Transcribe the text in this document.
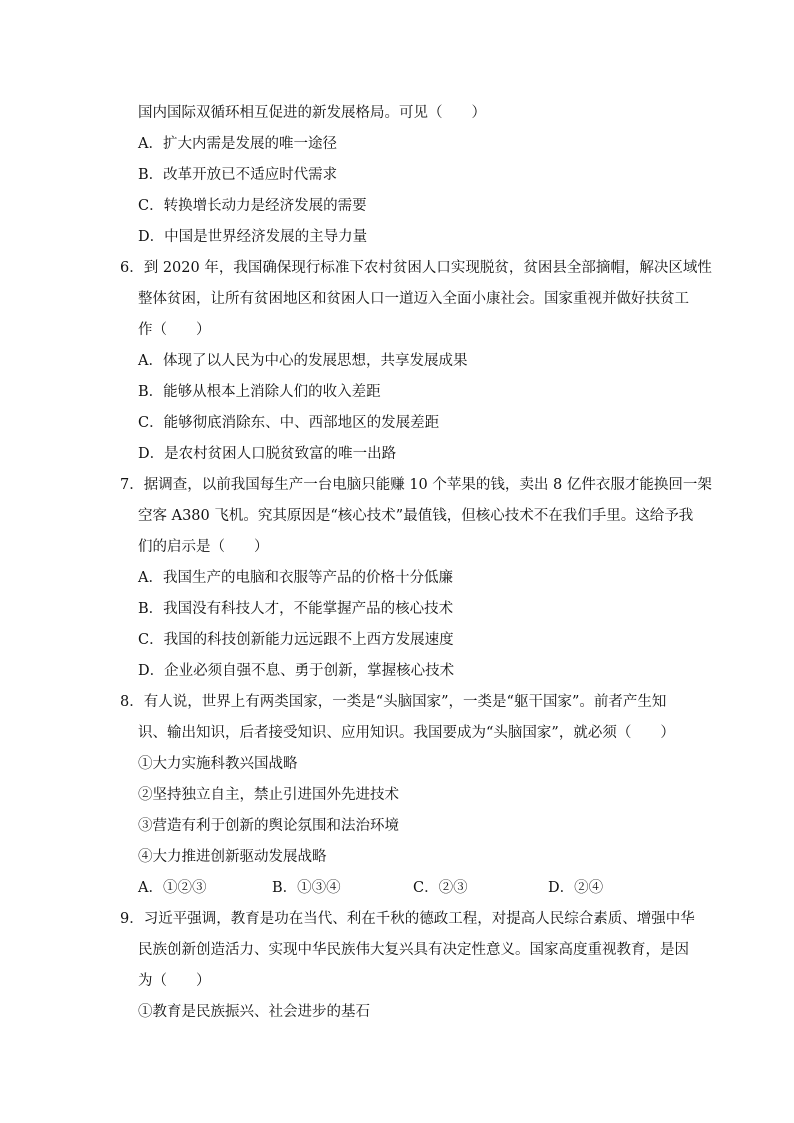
国内国际双循环相互促进的新发展格局。可见（　　）
A．扩大内需是发展的唯一途径
B．改革开放已不适应时代需求
C．转换增长动力是经济发展的需要
D．中国是世界经济发展的主导力量
6．到 2020 年，我国确保现行标准下农村贫困人口实现脱贫，贫困县全部摘帽，解决区域性
整体贫困，让所有贫困地区和贫困人口一道迈入全面小康社会。国家重视并做好扶贫工
作（　　）
A．体现了以人民为中心的发展思想，共享发展成果
B．能够从根本上消除人们的收入差距
C．能够彻底消除东、中、西部地区的发展差距
D．是农村贫困人口脱贫致富的唯一出路
7．据调查，以前我国每生产一台电脑只能赚 10 个苹果的钱，卖出 8 亿件衣服才能换回一架
空客 A380 飞机。究其原因是“核心技术”最值钱，但核心技术不在我们手里。这给予我
们的启示是（　　）
A．我国生产的电脑和衣服等产品的价格十分低廉
B．我国没有科技人才，不能掌握产品的核心技术
C．我国的科技创新能力远远跟不上西方发展速度
D．企业必须自强不息、勇于创新，掌握核心技术
8．有人说，世界上有两类国家，一类是“头脑国家”，一类是“躯干国家”。前者产生知
识、输出知识，后者接受知识、应用知识。我国要成为“头脑国家”，就必须（　　）
①大力实施科教兴国战略
②坚持独立自主，禁止引进国外先进技术
③营造有利于创新的舆论氛围和法治环境
④大力推进创新驱动发展战略
A．①②③	B．①③④	C．②③	D．②④
9．习近平强调，教育是功在当代、利在千秋的德政工程，对提高人民综合素质、增强中华
民族创新创造活力、实现中华民族伟大复兴具有决定性意义。国家高度重视教育，是因
为（　　）
①教育是民族振兴、社会进步的基石
